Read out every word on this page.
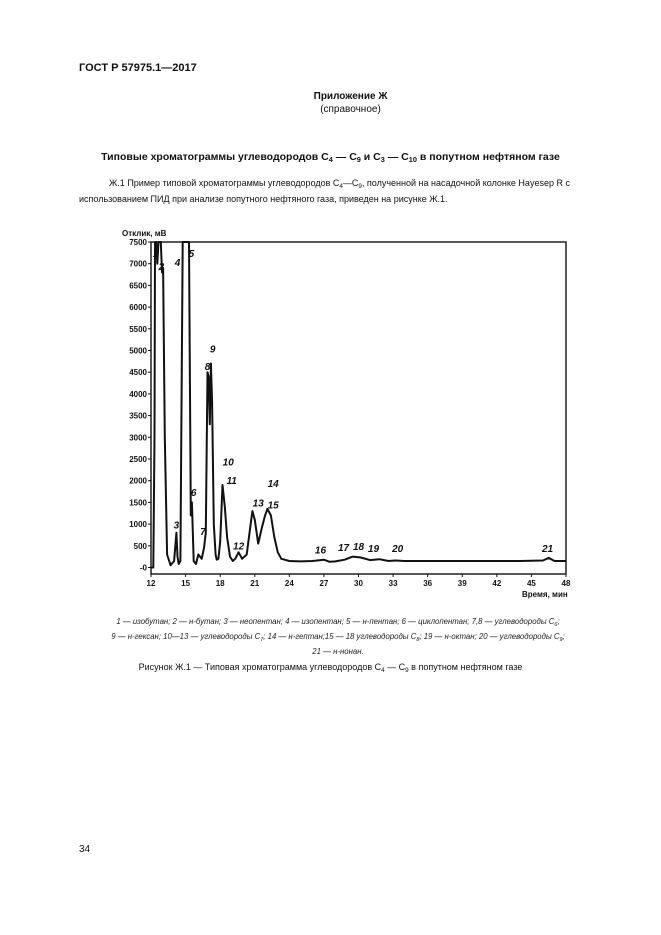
ГОСТ Р 57975.1—2017
Приложение Ж
(справочное)
Типовые хроматограммы углеводородов $C_4$ — $C_9$ и $C_3$ — $C_{10}$ в попутном нефтяном газе
Ж.1 Пример типовой хроматограммы углеводородов $C_4—C_9$, полученной на насадочной колонке Hayesep R с использованием ПИД при анализе попутного нефтяного газа, приведен на рисунке Ж.1.
-0
500
1000
1500
2000
2500
3000
3500
4000
4500
5000
5500
6000
6500
7000
7500
12	15	18	21	24	27	30	33	36	39	42	45	48
1
2
3
4
5
6
7
8
9
10
11
12
13
14
15
16 17 18 19 20	21
Отклик, мВ
Время, мин
1 — изобутан; 2 — н-бутан; 3 — неопентан; 4 — изопентан; 5 — н-пентан; 6 — циклопентан; 7,8 — углеводороды $C_6$;
9 — н-гексан; 10—13 — углеводороды $C_7$; 14 — н-гептан;15 — 18 углеводороды $C_8$; 19 — н-октан; 20 — углеводороды $C_9$;
21 — н-нонан.
Рисунок Ж.1 — Типовая хроматограмма углеводородов $C_4$ — $C_9$ в попутном нефтяном газе
34
